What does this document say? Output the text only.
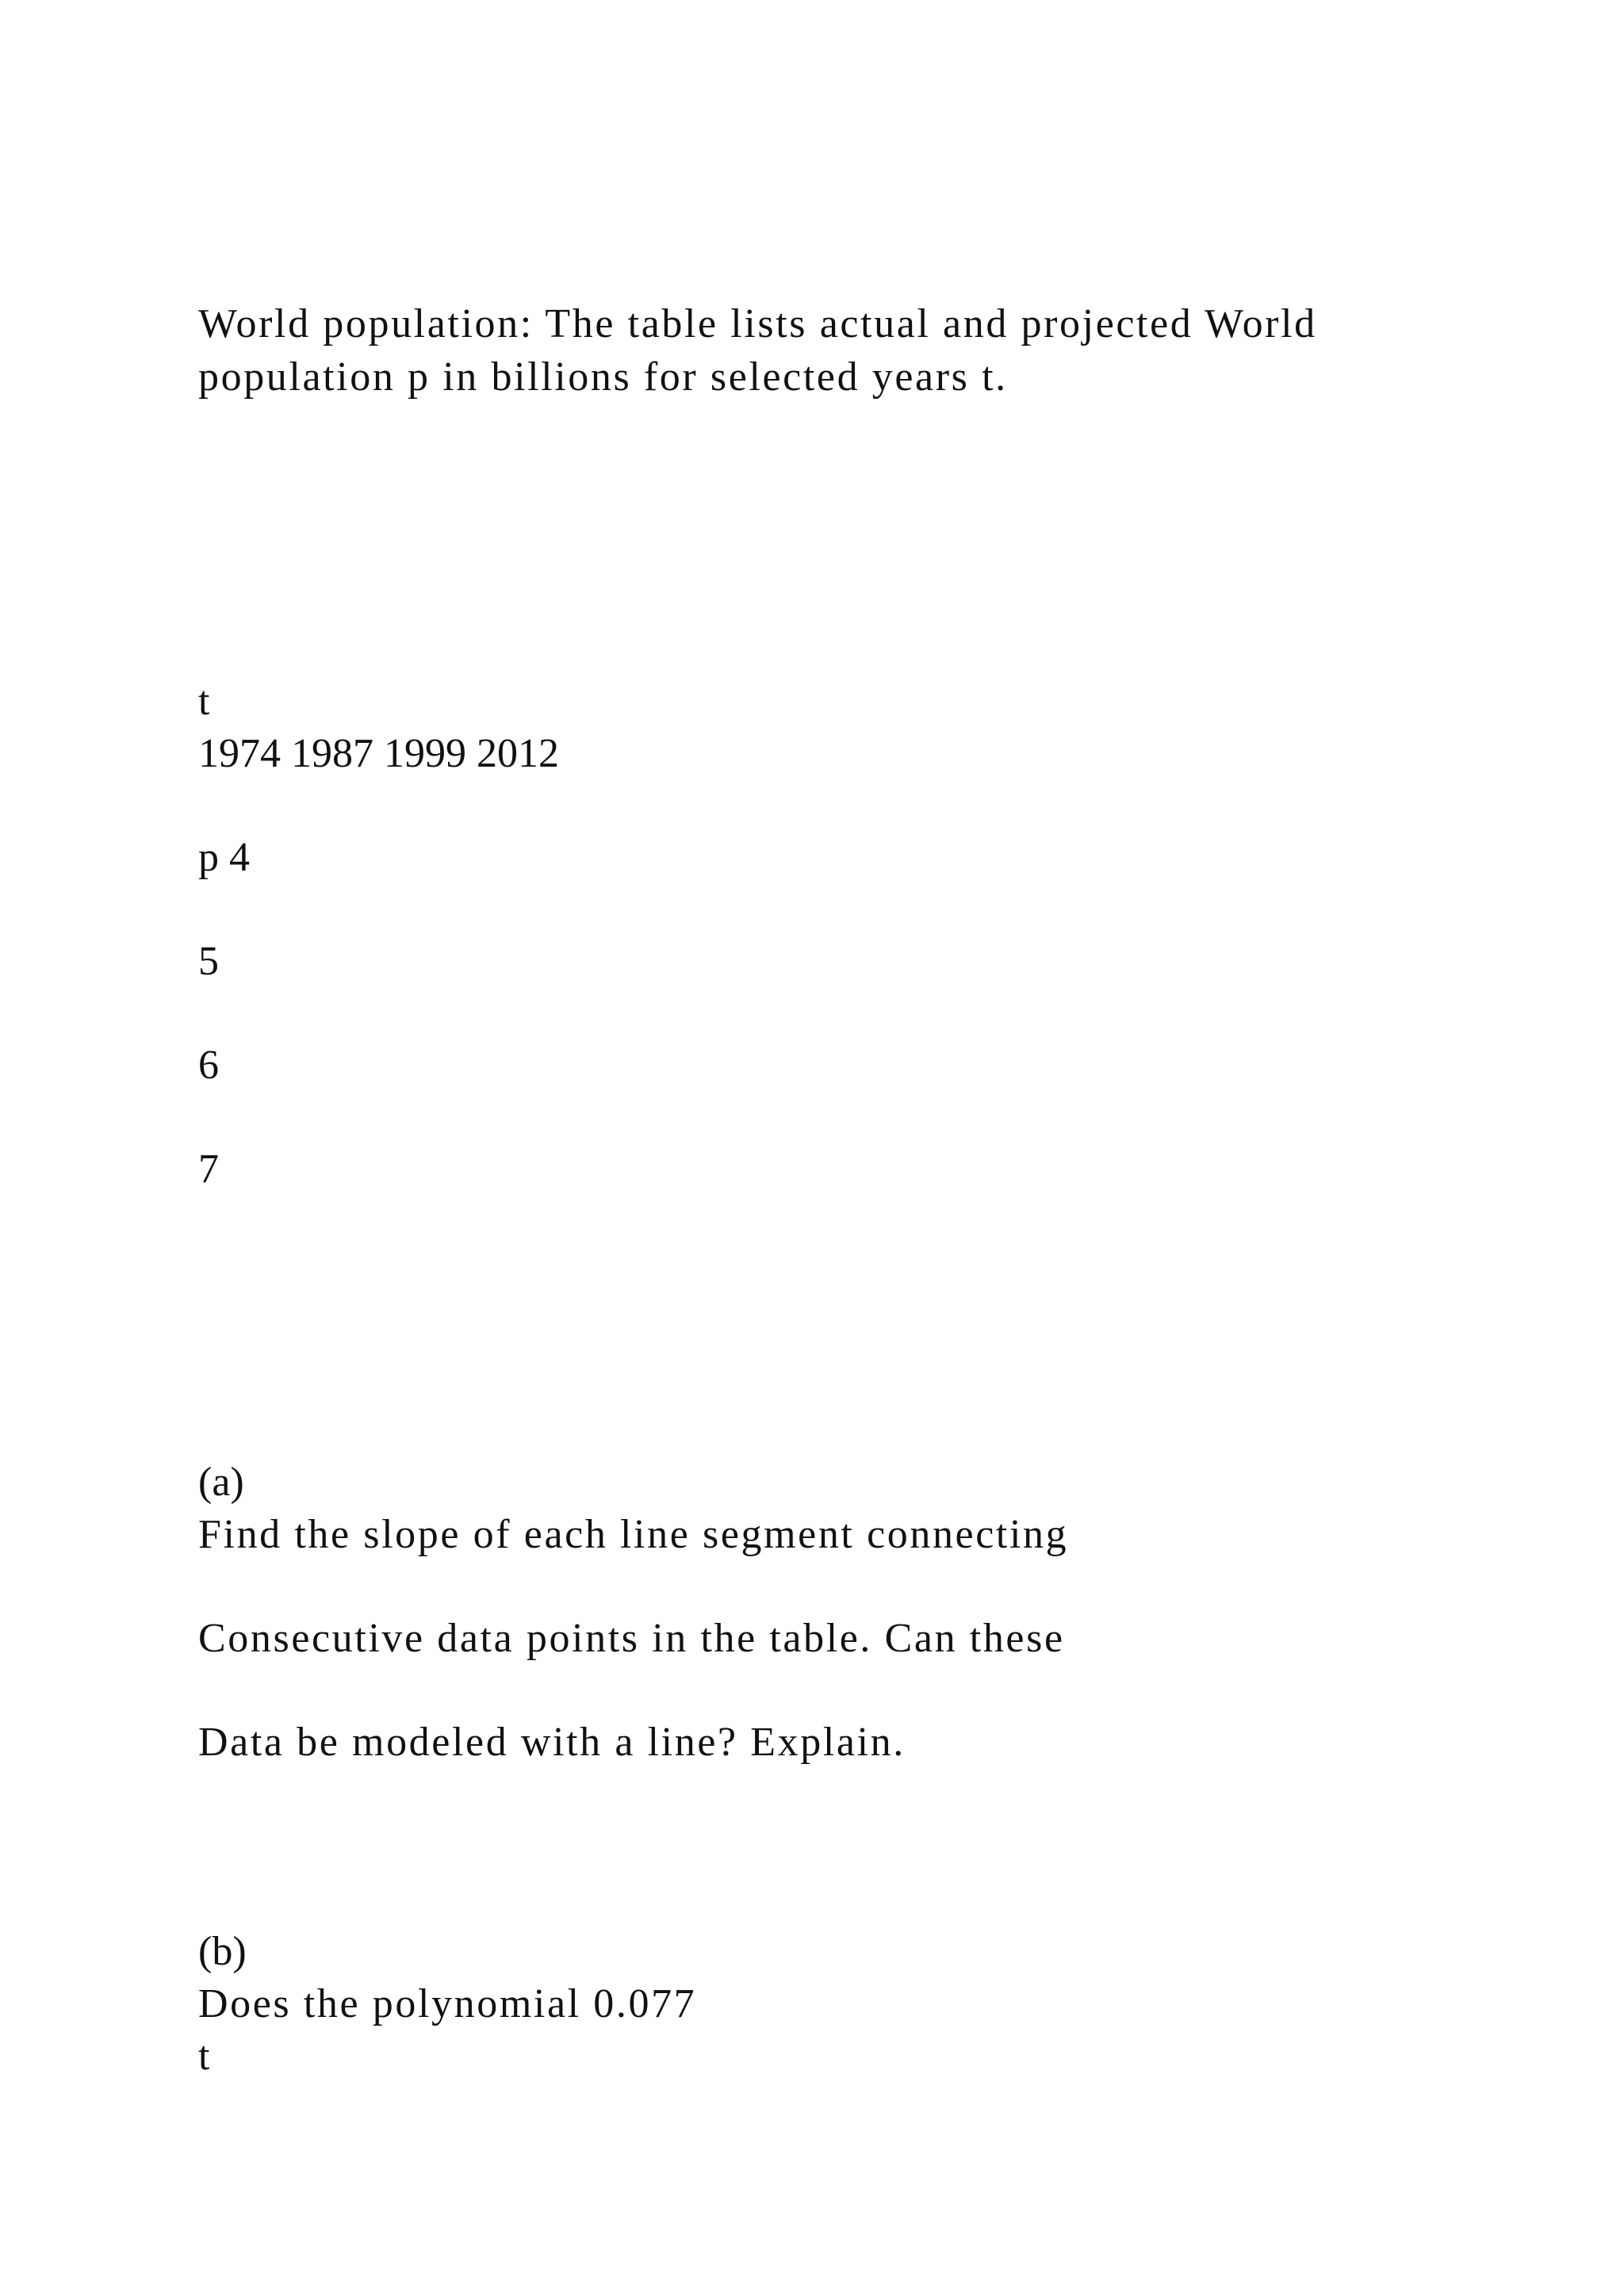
World population: The table lists actual and projected World
population p in billions for selected years t.
t
1974 1987 1999 2012
p 4
5
6
7
(a)
Find the slope of each line segment connecting
Consecutive data points in the table. Can these
Data be modeled with a line? Explain.
(b)
Does the polynomial 0.077
t
